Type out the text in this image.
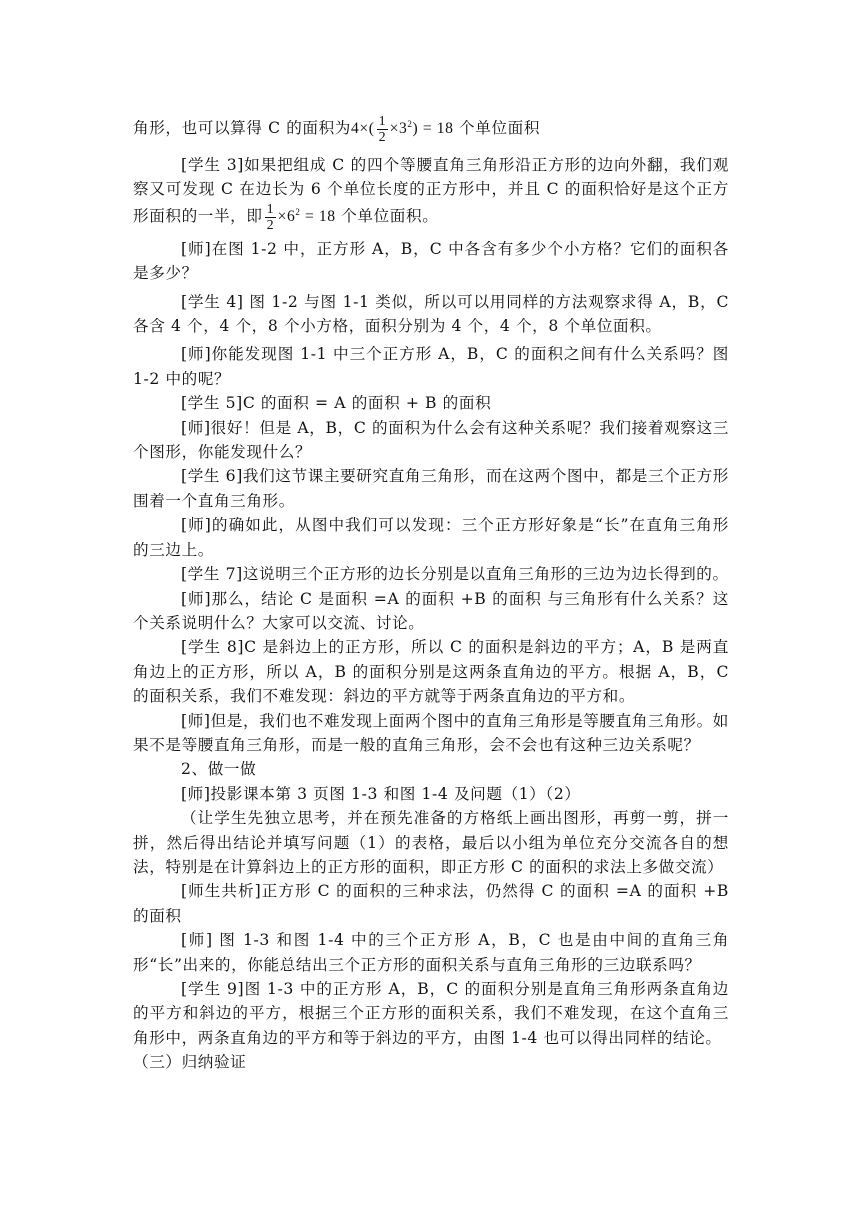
角形，也可以算得 C 的面积为$4\times( \frac{1}{2} \times 3^2) = 18$ 个单位面积

[学生 3]如果把组成 C 的四个等腰直角三角形沿正方形的边向外翻，我们观察又可发现 C 在边长为 6 个单位长度的正方形中，并且 C 的面积恰好是这个正方形面积的一半，即 $\frac{1}{2} \times 6^2 = 18$ 个单位面积。

[师]在图 1-2 中，正方形 A，B，C 中各含有多少个小方格？它们的面积各是多少？

[学生 4] 图 1-2 与图 1-1 类似，所以可以用同样的方法观察求得 A，B，C 各含 4 个，4 个，8 个小方格，面积分别为 4 个，4 个，8 个单位面积。

[师]你能发现图 1-1 中三个正方形 A，B，C 的面积之间有什么关系吗？图 1-2 中的呢？

[学生 5]C 的面积 = A 的面积 + B 的面积

[师]很好！但是 A，B，C 的面积为什么会有这种关系呢？我们接着观察这三个图形，你能发现什么？

[学生 6]我们这节课主要研究直角三角形，而在这两个图中，都是三个正方形围着一个直角三角形。

[师]的确如此，从图中我们可以发现：三个正方形好象是“长”在直角三角形的三边上。

[学生 7]这说明三个正方形的边长分别是以直角三角形的三边为边长得到的。

[师]那么，结论 C 是面积 =A 的面积 +B 的面积 与三角形有什么关系？这个关系说明什么？大家可以交流、讨论。

[学生 8]C 是斜边上的正方形，所以 C 的面积是斜边的平方；A，B 是两直角边上的正方形，所以 A，B 的面积分别是这两条直角边的平方。根据 A，B，C 的面积关系，我们不难发现：斜边的平方就等于两条直角边的平方和。

[师]但是，我们也不难发现上面两个图中的直角三角形是等腰直角三角形。如果不是等腰直角三角形，而是一般的直角三角形，会不会也有这种三边关系呢？

2、做一做

[师]投影课本第 3 页图 1-3 和图 1-4 及问题（1）（2）

（让学生先独立思考，并在预先准备的方格纸上画出图形，再剪一剪，拼一拼，然后得出结论并填写问题（1）的表格，最后以小组为单位充分交流各自的想法，特别是在计算斜边上的正方形的面积，即正方形 C 的面积的求法上多做交流）

[师生共析]正方形 C 的面积的三种求法，仍然得 C 的面积 =A 的面积 +B 的面积

[师] 图 1-3 和图 1-4 中的三个正方形 A，B，C 也是由中间的直角三角形“长”出来的，你能总结出三个正方形的面积关系与直角三角形的三边联系吗？

[学生 9]图 1-3 中的正方形 A，B，C 的面积分别是直角三角形两条直角边的平方和斜边的平方，根据三个正方形的面积关系，我们不难发现，在这个直角三角形中，两条直角边的平方和等于斜边的平方，由图 1-4 也可以得出同样的结论。

（三）归纳验证
